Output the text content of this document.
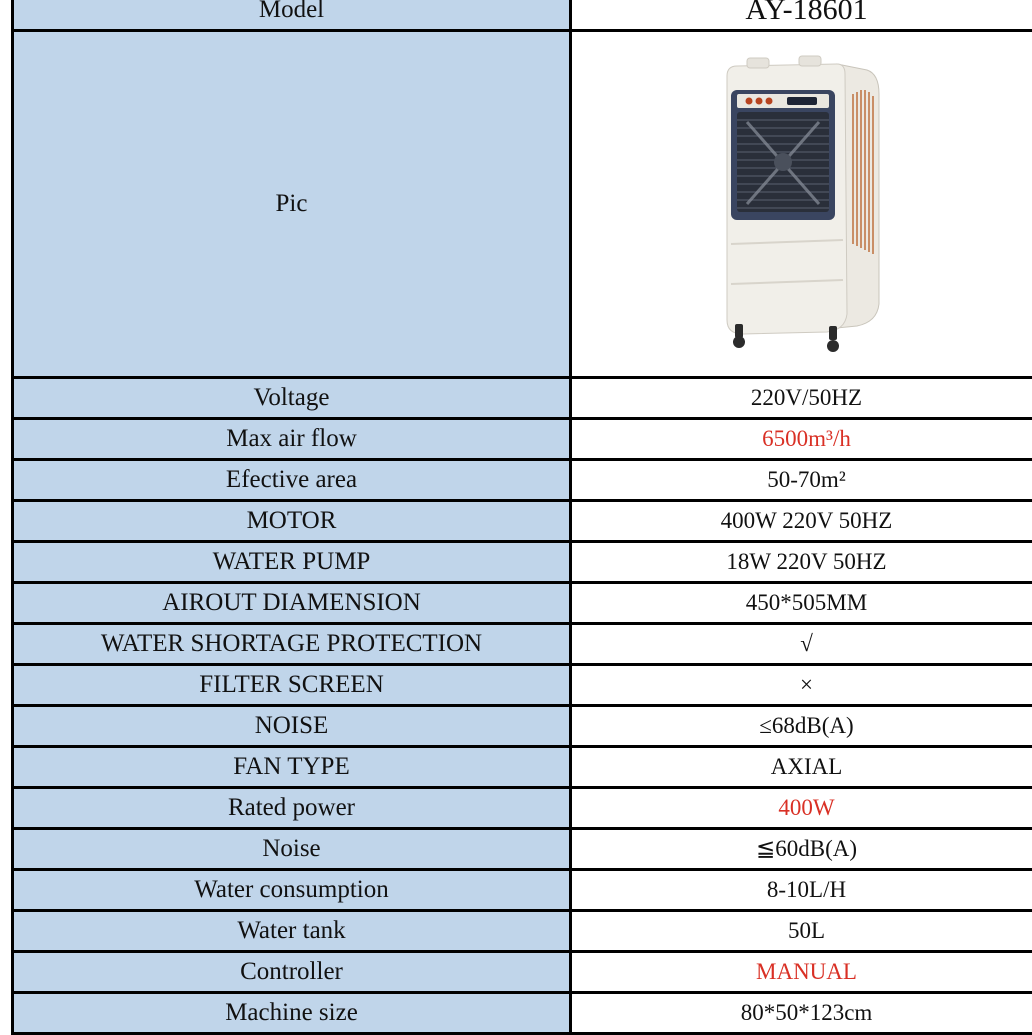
Model	AY-18601
Pic	

Voltage	220V/50HZ
Max air flow	6500m³/h
Efective area	50-70m²
MOTOR	400W 220V 50HZ
WATER PUMP	18W 220V 50HZ
AIROUT DIAMENSION	450*505MM
WATER SHORTAGE PROTECTION	√
FILTER SCREEN	×
NOISE	≤68dB(A)
FAN TYPE	AXIAL
Rated power	400W
Noise	≦60dB(A)
Water consumption	8-10L/H
Water tank	50L
Controller	MANUAL
Machine size	80*50*123cm
